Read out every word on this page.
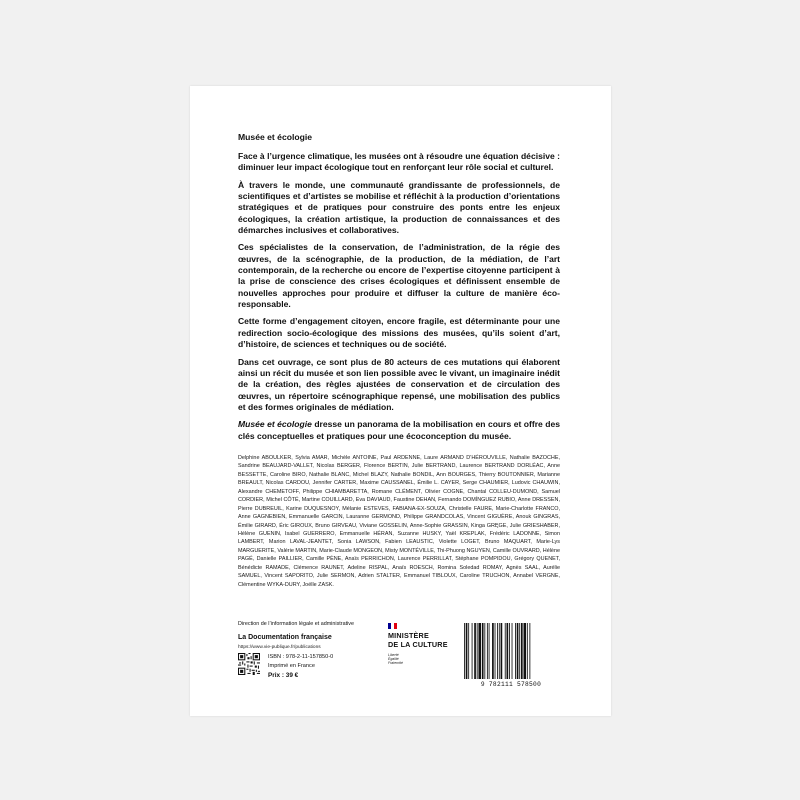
Musée et écologie

Face à l’urgence climatique, les musées ont à résoudre une équation décisive : diminuer leur impact écologique tout en renforçant leur rôle social et culturel.

À travers le monde, une communauté grandissante de professionnels, de scientifiques et d’artistes se mobilise et réfléchit à la production d’orientations stratégiques et de pratiques pour construire des ponts entre les enjeux écologiques, la création artistique, la production de connaissances et des démarches inclusives et collaboratives.

Ces spécialistes de la conservation, de l’administration, de la régie des œuvres, de la scénographie, de la production, de la médiation, de l’art contemporain, de la recherche ou encore de l’expertise citoyenne participent à la prise de conscience des crises écologiques et définissent ensemble de nouvelles approches pour produire et diffuser la culture de manière éco-responsable.

Cette forme d’engagement citoyen, encore fragile, est déterminante pour une redirection socio-écologique des missions des musées, qu’ils soient d’art, d’histoire, de sciences et techniques ou de société.

Dans cet ouvrage, ce sont plus de 80 acteurs de ces mutations qui élaborent ainsi un récit du musée et son lien possible avec le vivant, un imaginaire inédit de la création, des règles ajustées de conservation et de circulation des œuvres, un répertoire scénographique repensé, une mobilisation des publics et des formes originales de médiation.

Musée et écologie dresse un panorama de la mobilisation en cours et offre des clés conceptuelles et pratiques pour une écoconception du musée.

Delphine ABOULKER, Sylvia AMAR, Michèle ANTOINE, Paul ARDENNE, Laure ARMAND D’HÉROUVILLE, Nathalie BAZOCHE, Sandrine BEAUJARD-VALLET, Nicolas BERGER, Florence BERTIN, Julie BERTRAND, Laurence BERTRAND DORLÉAC, Anne BESSETTE, Caroline BIRO, Nathalie BLANC, Michel BLAZY, Nathalie BONDIL, Ann BOURGES, Thierry BOUTONNIER, Marianne BREAULT, Nicolas CARDOU, Jennifer CARTER, Maxime CAUSSANEL, Émilie L. CAYER, Serge CHAUMIER, Ludovic CHAUWIN, Alexandre CHEMETOFF, Philippe CHIAMBARETTA, Romane CLÉMENT, Olivier COGNE, Chantal COLLEU-DUMOND, Samuel CORDIER, Michel CÔTÉ, Martine COUILLARD, Eva DAVIAUD, Faustine DEHAN, Fernando DOMÍNGUEZ RUBIO, Anne DRESSEN, Pierre DUBREUIL, Karine DUQUESNOY, Mélanie ESTEVES, FABIANA-EX-SOUZA, Christelle FAURE, Marie-Charlotte FRANCO, Anne GAGNEBIEN, Emmanuelle GARCIN, Lauranne GERMOND, Philippe GRANDCOLAS, Vincent GIGUÈRE, Anouk GINGRAS, Émilie GIRARD, Éric GIROUX, Bruno GIRVEAU, Viviane GOSSELIN, Anne-Sophie GRASSIN, Kinga GRĘGE, Julie GRIESHABER, Hélène GUENIN, Isabel GUERRERO, Emmanuelle HÉRAN, Suzanne HUSKY, Yaël KREPLAK, Frédéric LADONNE, Simon LAMBERT, Marion LAVAL-JEANTET, Sonia LAWSON, Fabien LEAUSTIC, Violette LOGET, Bruno MAQUART, Marie-Lys MARGUERITE, Valérie MARTIN, Marie-Claude MONGEON, Misty MONTÉVILLE, Thi-Phuong NGUYEN, Camille OUVRARD, Hélène PAGÉ, Danielle PAILLIER, Camille PÈNE, Anaïs PERRICHON, Laurence PERRILLAT, Stéphane POMPIDOU, Grégory QUENET, Bénédicte RAMADE, Clémence RAUNET, Adeline RISPAL, Anaïs ROESCH, Romina Soledad ROMAY, Agnès SAAL, Aurélie SAMUEL, Vincent SAPORITO, Julie SERMON, Adrien STALTER, Emmanuel TIBLOUX, Caroline TRUCHON, Annabel VERGNE, Clémentine WYKA-DURY, Joëlle ZASK.
Direction de l’information légale et administrative
La Documentation française
https://www.vie-publique.fr/publications
ISBN : 978-2-11-157850-0
Imprimé en France
Prix : 39 €
MINISTÈRE
DE LA CULTURE
Liberté
Égalité
Fraternité
9 782111 578500
